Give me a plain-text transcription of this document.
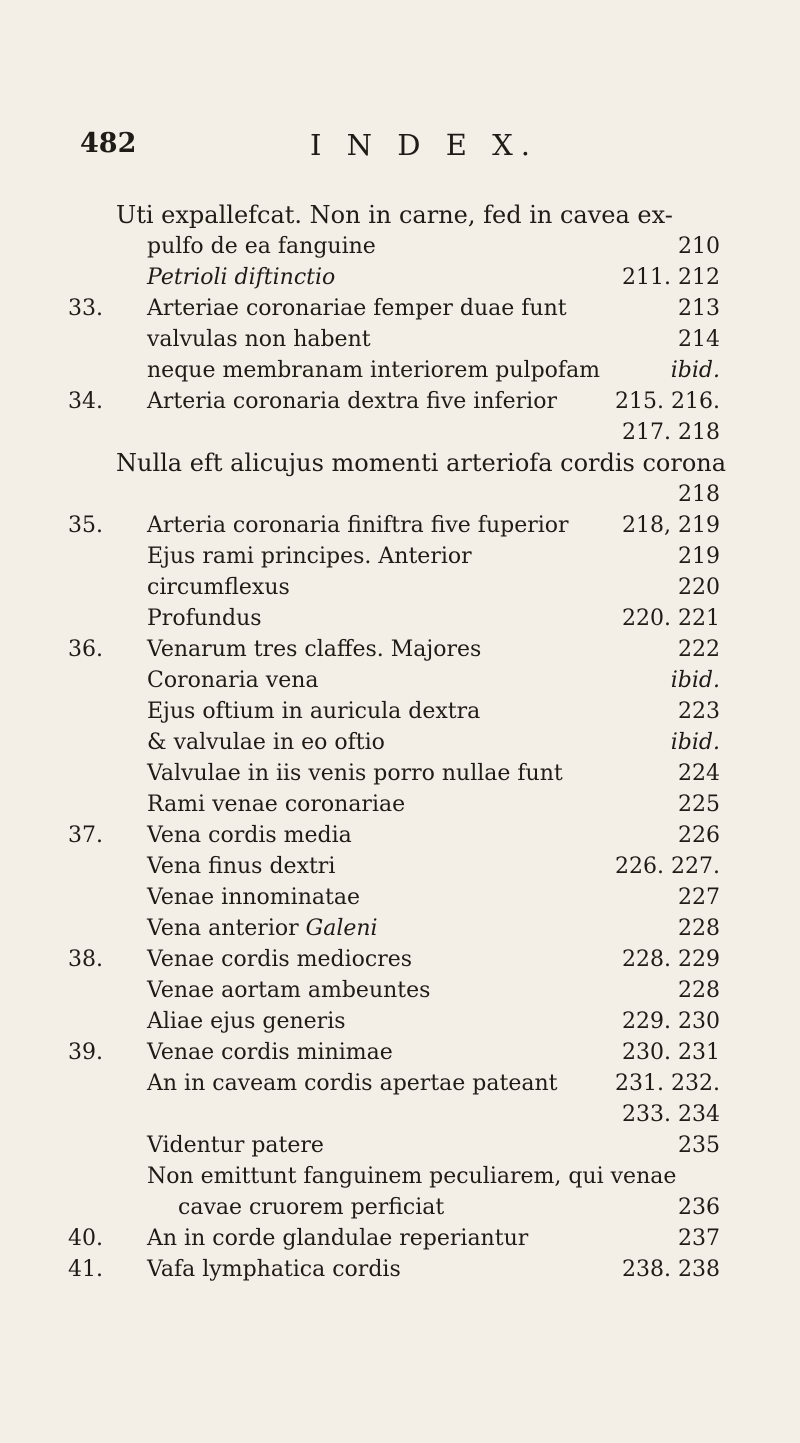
482	I N D E X.
Uti expallefcat. Non in carne, fed in cavea ex-
pulfo de ea fanguine	210
Petrioli diftinctio	211. 212
33. Arteriae coronariae femper duae funt	213
valvulas non habent	214
neque membranam interiorem pulpofam	ibid.
34. Arteria coronaria dextra five inferior	215. 216.
217. 218
Nulla eft alicujus momenti arteriofa cordis corona
218
35. Arteria coronaria finiftra five fuperior 218, 219
Ejus rami principes. Anterior	219
circumflexus	220
Profundus	220. 221
36. Venarum tres claffes. Majores	222
Coronaria vena	ibid.
Ejus oftium in auricula dextra	223
& valvulae in eo oftio	ibid.
Valvulae in iis venis porro nullae funt	224
Rami venae coronariae	225
37. Vena cordis media	226
Vena finus dextri	226. 227.
Venae innominatae	227
Vena anterior Galeni	228
38. Venae cordis mediocres	228. 229
Venae aortam ambeuntes	228
Aliae ejus generis	229. 230
39. Venae cordis minimae	230. 231
An in caveam cordis apertae pateant	231. 232.
233. 234
Videntur patere	235
Non emittunt fanguinem peculiarem, qui venae
cavae cruorem perficiat	236
40. An in corde glandulae reperiantur	237
41. Vafa lymphatica cordis	238. 238
